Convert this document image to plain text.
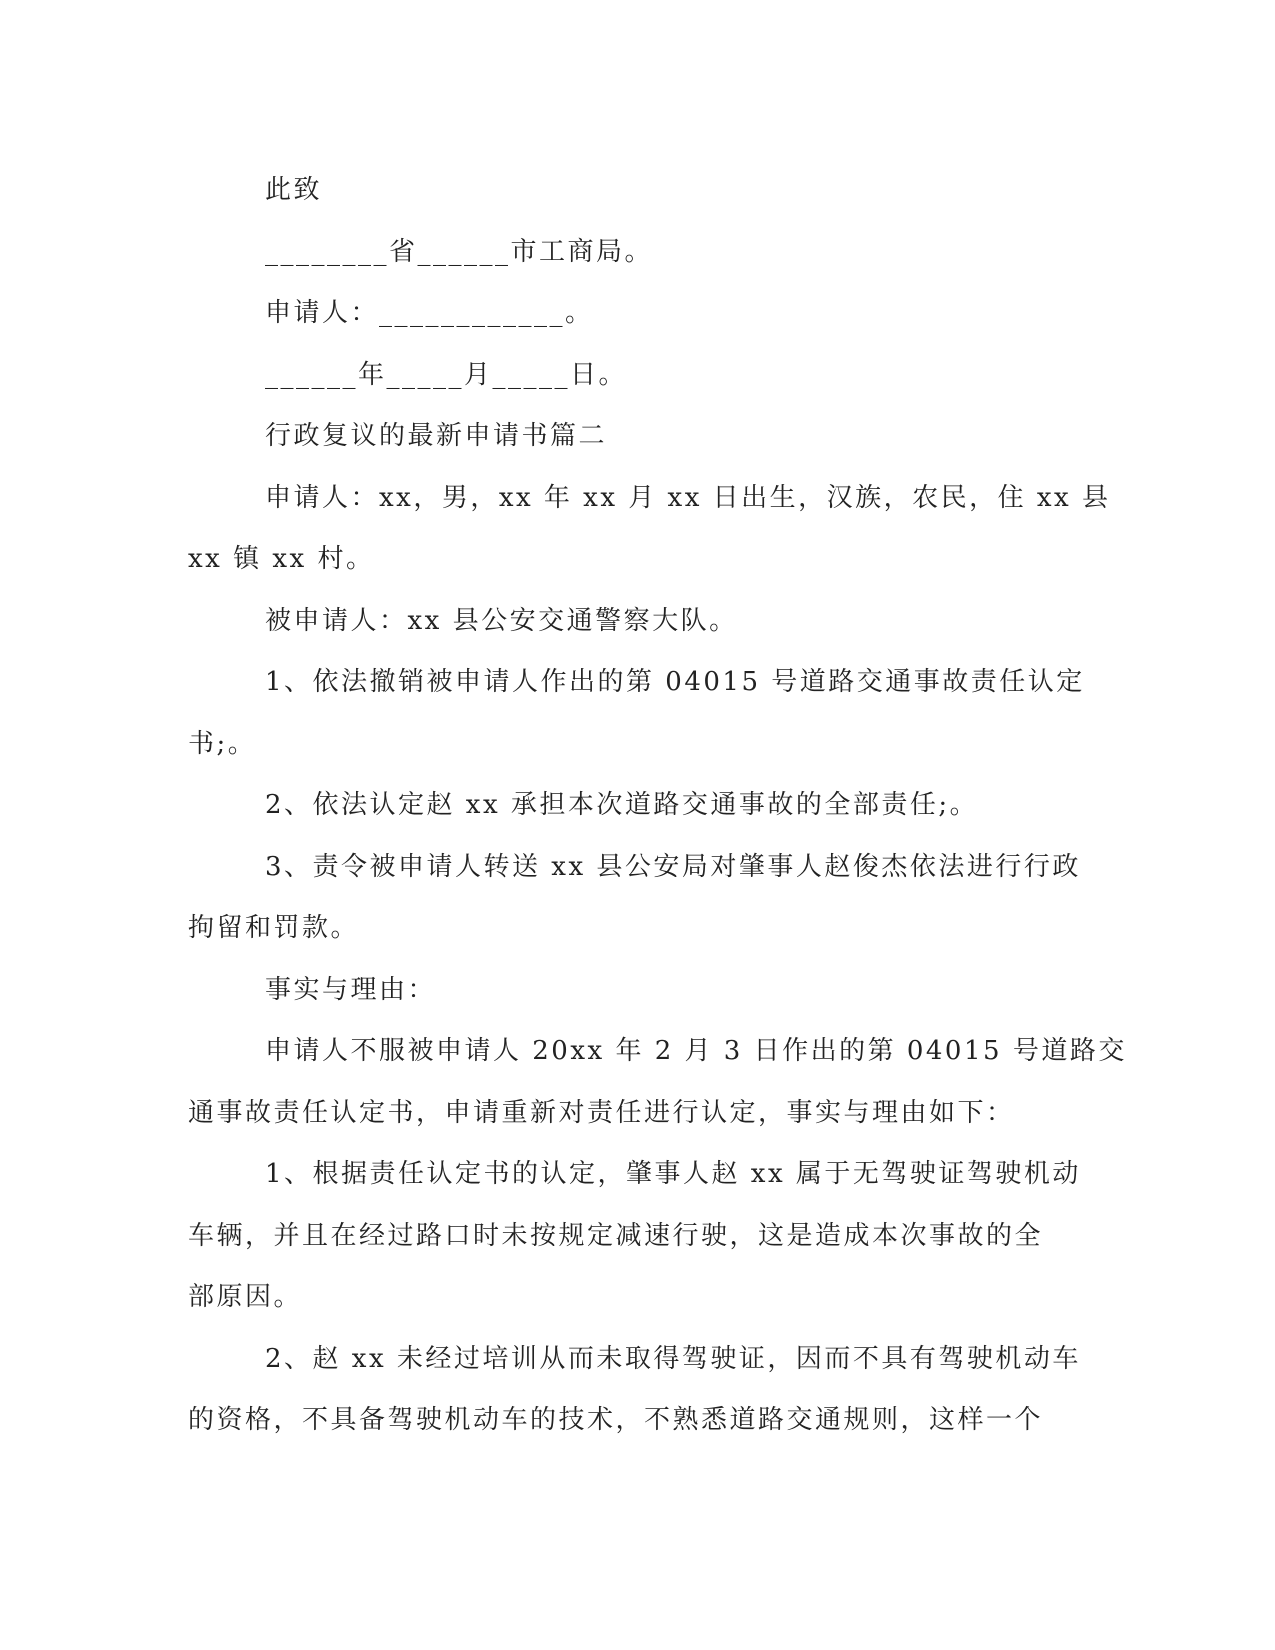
此致

________省______市工商局。

申请人：____________。

______年_____月_____日。

行政复议的最新申请书篇二

申请人：xx，男，xx 年 xx 月 xx 日出生，汉族，农民，住 xx 县

xx 镇 xx 村。

被申请人：xx 县公安交通警察大队。

1、依法撤销被申请人作出的第 04015 号道路交通事故责任认定

书;。

2、依法认定赵 xx 承担本次道路交通事故的全部责任;。

3、责令被申请人转送 xx 县公安局对肇事人赵俊杰依法进行行政

拘留和罚款。

事实与理由：

申请人不服被申请人 20xx 年 2 月 3 日作出的第 04015 号道路交

通事故责任认定书，申请重新对责任进行认定，事实与理由如下：

1、根据责任认定书的认定，肇事人赵 xx 属于无驾驶证驾驶机动

车辆，并且在经过路口时未按规定减速行驶，这是造成本次事故的全

部原因。

2、赵 xx 未经过培训从而未取得驾驶证，因而不具有驾驶机动车

的资格，不具备驾驶机动车的技术，不熟悉道路交通规则，这样一个
